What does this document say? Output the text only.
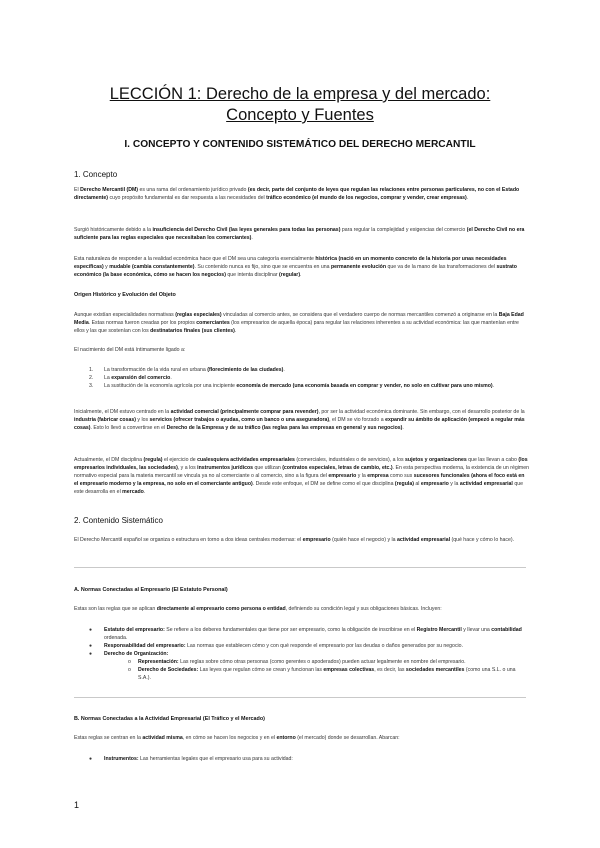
LECCIÓN 1: Derecho de la empresa y del mercado:
Concepto y Fuentes
I. CONCEPTO Y CONTENIDO SISTEMÁTICO DEL DERECHO MERCANTIL
1. Concepto

El Derecho Mercantil (DM) es una rama del ordenamiento jurídico privado (es decir, parte del conjunto de leyes que regulan las relaciones entre personas particulares, no con el Estado directamente) cuyo propósito fundamental es dar respuesta a las necesidades del tráfico económico (el mundo de los negocios, comprar y vender, crear empresas).

Surgió históricamente debido a la insuficiencia del Derecho Civil (las leyes generales para todas las personas) para regular la complejidad y exigencias del comercio (el Derecho Civil no era suficiente para las reglas especiales que necesitaban los comerciantes).

Esta naturaleza de responder a la realidad económica hace que el DM sea una categoría esencialmente histórica (nació en un momento concreto de la historia por unas necesidades específicas) y mudable (cambia constantemente). Su contenido nunca es fijo, sino que se encuentra en una permanente evolución que va de la mano de las transformaciones del sustrato económico (la base económica, cómo se hacen los negocios) que intenta disciplinar (regular).

Origen Histórico y Evolución del Objeto

Aunque existían especialidades normativas (reglas especiales) vinculadas al comercio antes, se considera que el verdadero cuerpo de normas mercantiles comenzó a originarse en la Baja Edad Media. Estas normas fueron creadas por los propios comerciantes (los empresarios de aquella época) para regular las relaciones inherentes a su actividad económica: las que mantenían entre ellos y las que sostenían con los destinatarios finales (sus clientes).

El nacimiento del DM está íntimamente ligado a:

1. La transformación de la vida rural en urbana (florecimiento de las ciudades).
2. La expansión del comercio.
3. La sustitución de la economía agrícola por una incipiente economía de mercado (una economía basada en comprar y vender, no solo en cultivar para uno mismo).

Inicialmente, el DM estuvo centrado en la actividad comercial (principalmente comprar para revender), por ser la actividad económica dominante. Sin embargo, con el desarrollo posterior de la industria (fabricar cosas) y los servicios (ofrecer trabajos o ayudas, como un banco o una aseguradora), el DM se vio forzado a expandir su ámbito de aplicación (empezó a regular más cosas). Esto lo llevó a convertirse en el Derecho de la Empresa y de su tráfico (las reglas para las empresas en general y sus negocios).

Actualmente, el DM disciplina (regula) el ejercicio de cualesquiera actividades empresariales (comerciales, industriales o de servicios), a los sujetos y organizaciones que las llevan a cabo (los empresarios individuales, las sociedades), y a los instrumentos jurídicos que utilizan (contratos especiales, letras de cambio, etc.). En esta perspectiva moderna, la existencia de un régimen normativo especial para la materia mercantil se vincula ya no al comerciante o al comercio, sino a la figura del empresario y la empresa como sus sucesores funcionales (ahora el foco está en el empresario moderno y la empresa, no solo en el comerciante antiguo). Desde este enfoque, el DM se define como el que disciplina (regula) al empresario y la actividad empresarial que este desarrolla en el mercado.

2. Contenido Sistemático

El Derecho Mercantil español se organiza o estructura en torno a dos ideas centrales modernas: el empresario (quién hace el negocio) y la actividad empresarial (qué hace y cómo lo hace).

A. Normas Conectadas al Empresario (El Estatuto Personal)

Estas son las reglas que se aplican directamente al empresario como persona o entidad, definiendo su condición legal y sus obligaciones básicas. Incluyen:

● Estatuto del empresario: Se refiere a los deberes fundamentales que tiene por ser empresario, como la obligación de inscribirse en el Registro Mercantil y llevar una contabilidad ordenada.
● Responsabilidad del empresario: Las normas que establecen cómo y con qué responde el empresario por las deudas o daños generados por su negocio.
● Derecho de Organización:
o Representación: Las reglas sobre cómo otras personas (como gerentes o apoderados) pueden actuar legalmente en nombre del empresario.
o Derecho de Sociedades: Las leyes que regulan cómo se crean y funcionan las empresas colectivas, es decir, las sociedades mercantiles (como una S.L. o una S.A.).
B. Normas Conectadas a la Actividad Empresarial (El Tráfico y el Mercado)

Estas reglas se centran en la actividad misma, en cómo se hacen los negocios y en el entorno (el mercado) donde se desarrollan. Abarcan:

● Instrumentos: Las herramientas legales que el empresario usa para su actividad:
1
